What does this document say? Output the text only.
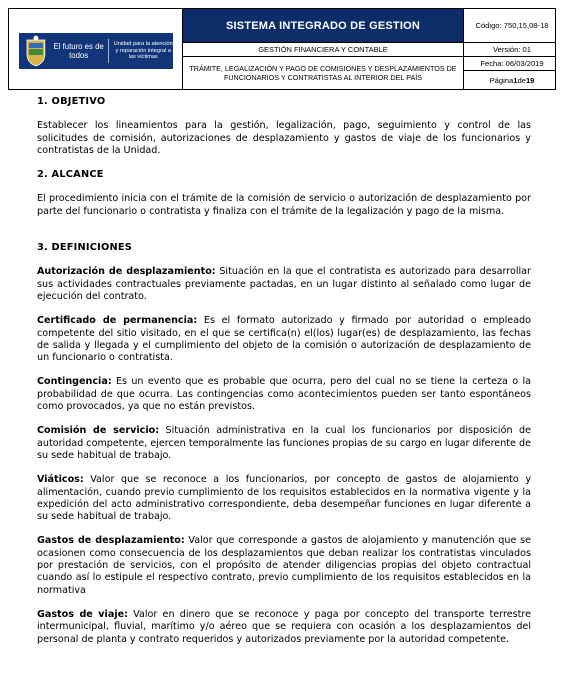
El futuro es de todos
Unidad para la atención y reparación integral a las víctimas
SISTEMA INTEGRADO DE GESTION
GESTIÓN FINANCIERA Y CONTABLE
TRÁMITE, LEGALIZACIÓN Y PAGO DE COMISIONES Y DESPLAZAMIENTOS DE FUNCIONARIOS Y CONTRATISTAS AL INTERIOR DEL PAÍS
Código: 750,15,08-18
Versión: 01
Fecha: 06/03/2019
Página 1 de 19
1. OBJETIVO

Establecer los lineamientos para la gestión, legalización, pago, seguimiento y control de las solicitudes de comisión, autorizaciones de desplazamiento y gastos de viaje de los funcionarios y contratistas de la Unidad.

2. ALCANCE

El procedimiento inicia con el trámite de la comisión de servicio o autorización de desplazamiento por parte del funcionario o contratista y finaliza con el trámite de la legalización y pago de la misma.

3. DEFINICIONES

Autorización de desplazamiento: Situación en la que el contratista es autorizado para desarrollar sus actividades contractuales previamente pactadas, en un lugar distinto al señalado como lugar de ejecución del contrato.

Certificado de permanencia: Es el formato autorizado y firmado por autoridad o empleado competente del sitio visitado, en el que se certifica(n) el(los) lugar(es) de desplazamiento, las fechas de salida y llegada y el cumplimiento del objeto de la comisión o autorización de desplazamiento de un funcionario o contratista.

Contingencia: Es un evento que es probable que ocurra, pero del cual no se tiene la certeza o la probabilidad de que ocurra. Las contingencias como acontecimientos pueden ser tanto espontáneos como provocados, ya que no están previstos.

Comisión de servicio: Situación administrativa en la cual los funcionarios por disposición de autoridad competente, ejercen temporalmente las funciones propias de su cargo en lugar diferente de su sede habitual de trabajo.

Viáticos: Valor que se reconoce a los funcionarios, por concepto de gastos de alojamiento y alimentación, cuando previo cumplimiento de los requisitos establecidos en la normativa vigente y la expedición del acto administrativo correspondiente, deba desempeñar funciones en lugar diferente a su sede habitual de trabajo.

Gastos de desplazamiento: Valor que corresponde a gastos de alojamiento y manutención que se ocasionen como consecuencia de los desplazamientos que deban realizar los contratistas vinculados por prestación de servicios, con el propósito de atender diligencias propias del objeto contractual cuando así lo estipule el respectivo contrato, previo cumplimiento de los requisitos establecidos en la normativa

Gastos de viaje: Valor en dinero que se reconoce y paga por concepto del transporte terrestre intermunicipal, fluvial, marítimo y/o aéreo que se requiera con ocasión a los desplazamientos del personal de planta y contrato requeridos y autorizados previamente por la autoridad competente.
